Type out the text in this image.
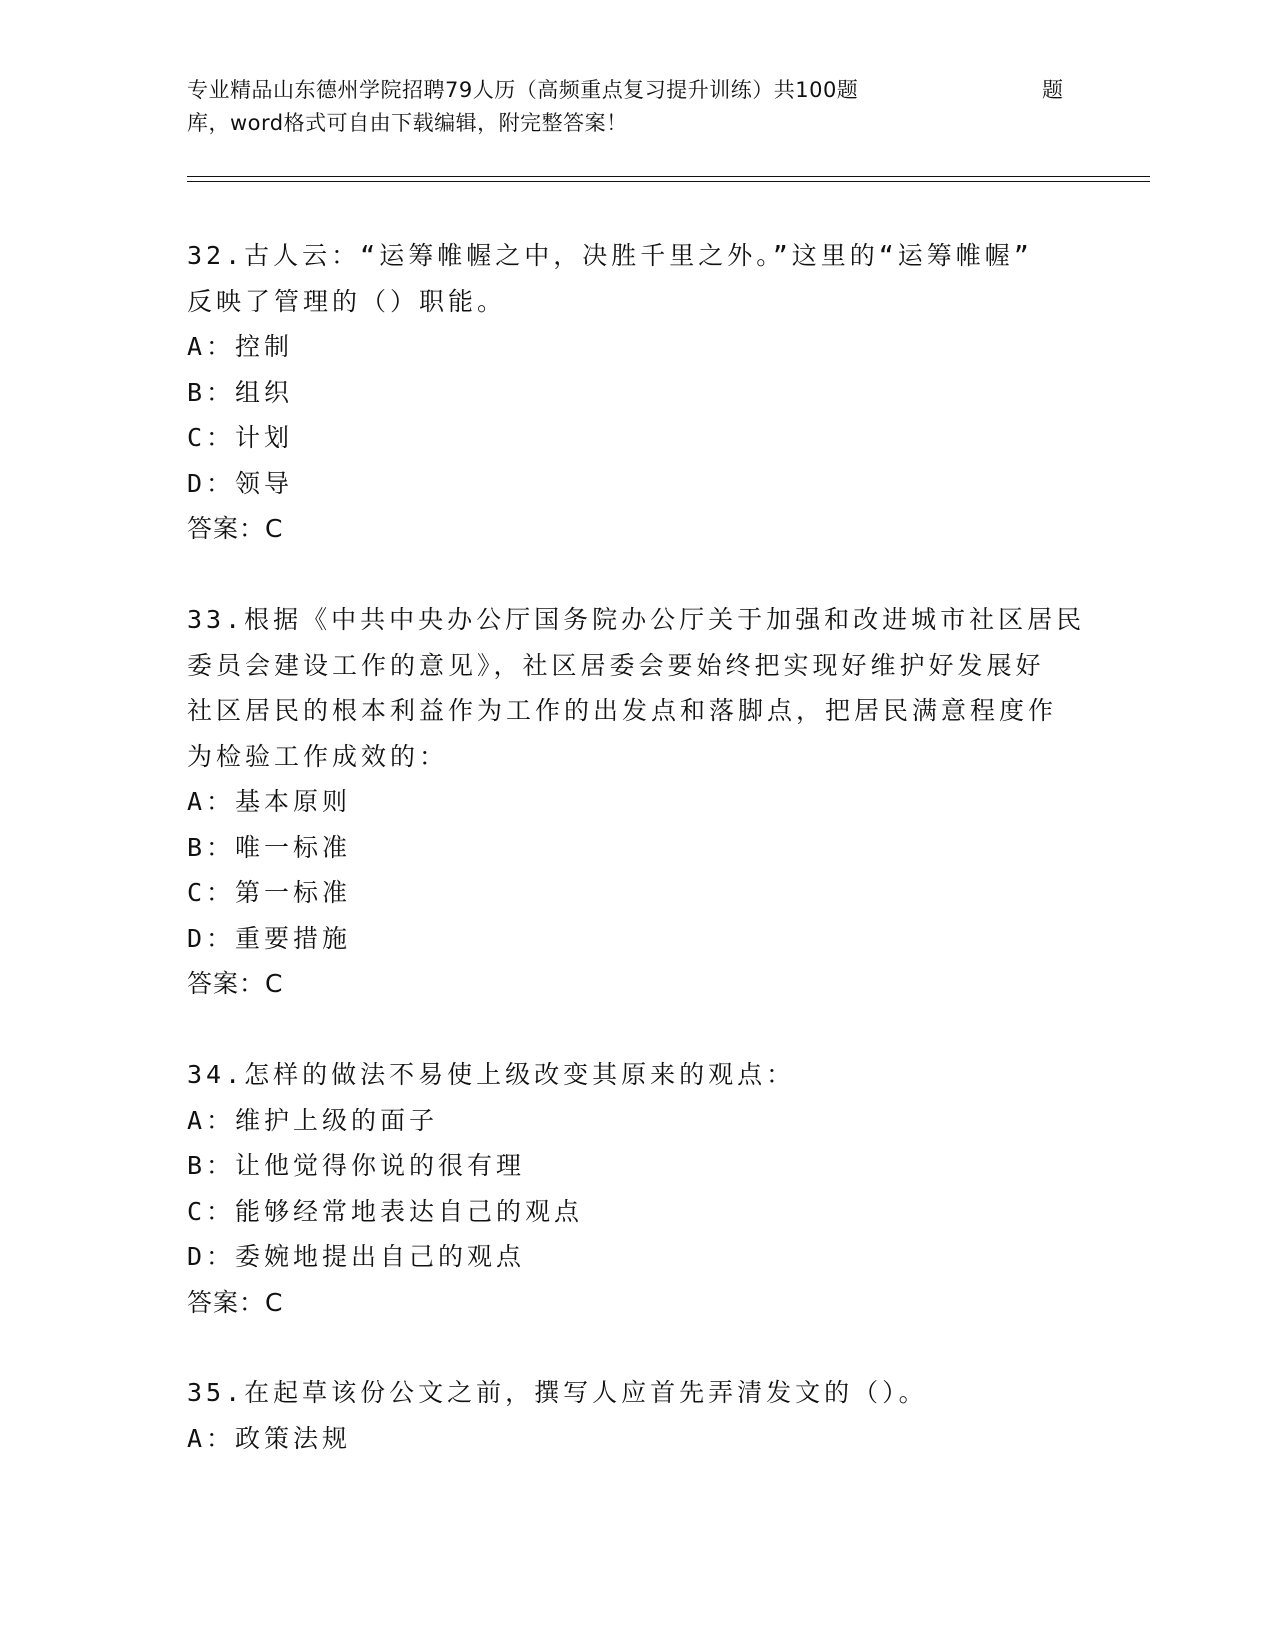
专业精品山东德州学院招聘79人历（高频重点复习提升训练）共100题	题
库，word格式可自由下载编辑，附完整答案！
32.古人云：“运筹帷幄之中，决胜千里之外。”这里的“运筹帷幄”
反映了管理的（）职能。
A：控制
B：组织
C：计划
D：领导
答案：C
33.根据《中共中央办公厅国务院办公厅关于加强和改进城市社区居民
委员会建设工作的意见》，社区居委会要始终把实现好维护好发展好
社区居民的根本利益作为工作的出发点和落脚点，把居民满意程度作
为检验工作成效的：
A：基本原则
B：唯一标准
C：第一标准
D：重要措施
答案：C
34.怎样的做法不易使上级改变其原来的观点：
A：维护上级的面子
B：让他觉得你说的很有理
C：能够经常地表达自己的观点
D：委婉地提出自己的观点
答案：C
35.在起草该份公文之前，撰写人应首先弄清发文的（）。
A：政策法规
